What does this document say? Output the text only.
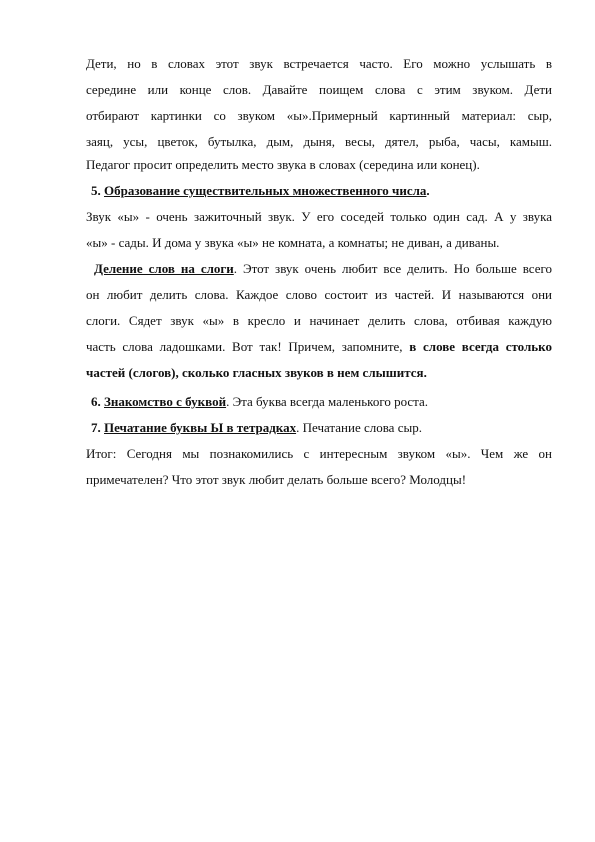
Дети, но в словах этот звук встречается часто. Его можно услышать в
середине или конце слов. Давайте поищем слова с этим звуком. Дети
отбирают картинки со звуком «ы».Примерный картинный материал: сыр,
заяц, усы, цветок, бутылка, дым, дыня, весы, дятел, рыба, часы, камыш.
Педагог просит определить место звука в словах (середина или конец).
5. Образование существительных множественного числа.
Звук «ы» - очень зажиточный звук. У его соседей только один сад. А у звука
«ы» - сады. И дома у звука «ы» не комната, а комнаты; не диван, а диваны.
Деление слов на слоги. Этот звук очень любит все делить. Но больше всего
он любит делить слова. Каждое слово состоит из частей. И называются они
слоги. Сядет звук «ы» в кресло и начинает делить слова, отбивая каждую
часть слова ладошками. Вот так! Причем, запомните, в слове всегда столько
частей (слогов), сколько гласных звуков в нем слышится.
6. Знакомство с буквой. Эта буква всегда маленького роста.
7. Печатание буквы Ы в тетрадках. Печатание слова сыр.
Итог: Сегодня мы познакомились с интересным звуком «ы». Чем же он
примечателен? Что этот звук любит делать больше всего? Молодцы!
